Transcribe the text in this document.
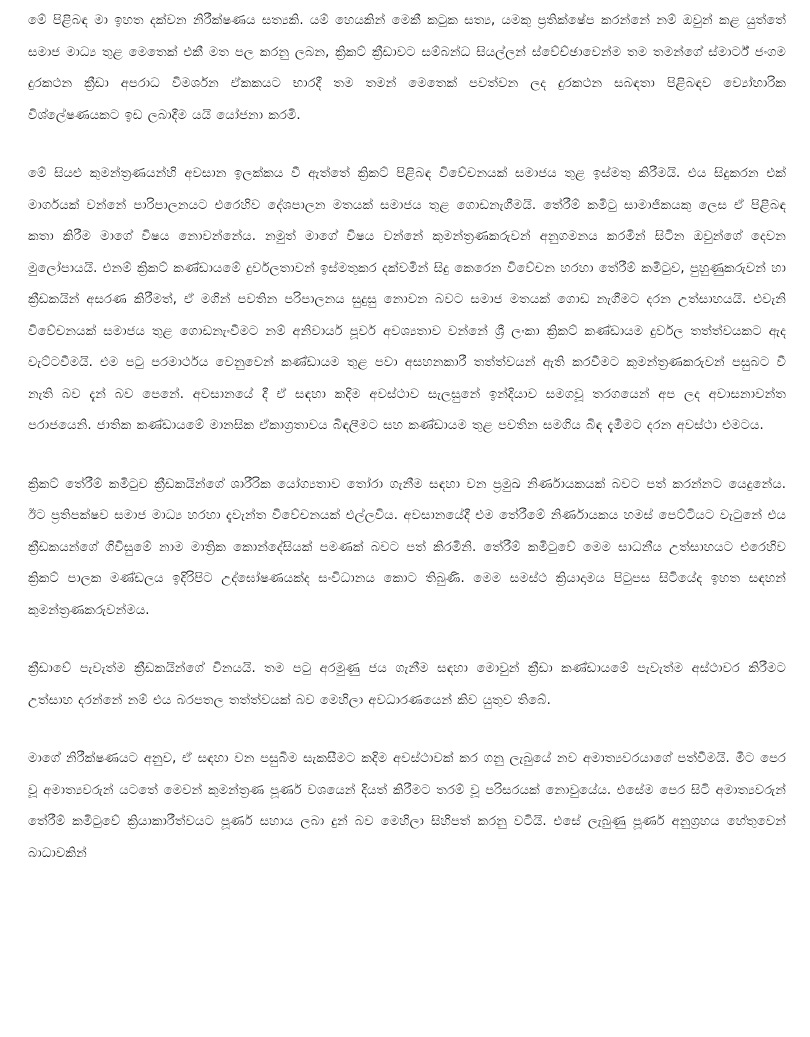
මේ පිළිබඳ මා ඉහත දක්වන නිරීක්ෂණය සත්‍යකි. යම් හෙයකින් මෙකී කටුක සත්‍ය, යමකු ප්‍රතික්ෂේප කරන්නේ නම් ඔවුන් කළ යුත්තේ සමාජ මාධ්‍ය තුළ මෙතෙක් එකී මත පල කරනු ලබන, ක්‍රිකට් ක්‍රීඩාවට සම්බන්ධ සියල්ලන් ස්වේච්ඡාවෙන්ම තම තමන්ගේ ස්මාර්ට් ජංගම දුරකථන ක්‍රීඩා අපරාධ විමර්ශන ඒකකයට භාරදී තම තමන් මෙතෙක් පවත්වන ලද දුරකථන සබඳතා පිළිබඳව ව්‍යෝහාරික විශ්ලේෂණයකට ඉඩ ලබාදීම යයි යෝජනා කරමි.

මේ සියළු කුමන්ත්‍රණයන්හි අවසාන ඉලක්කය වී ඇත්තේ ක්‍රිකට් පිළිබඳ විවේචනයක් සමාජය තුළ ඉස්මතු කිරීමයි. එය සිදුකරන එක් මාර්ගයක් වන්නේ පාරිපාලනයට එරෙහිව දේශපාලන මතයක් සමාජය තුළ ගොඩනැගීමයි. තේරීම් කමිටු සාමාජිකයකු ලෙස ඒ පිළිබඳ කතා කිරීම මාගේ විෂය නොවන්නේය. නමුත් මාගේ විෂය වන්නේ කුමන්ත්‍රණකරුවන් අනුගමනය කරමින් සිටින ඔවුන්ගේ දෙවන මුලෝපායයි. එනම් ක්‍රිකට් කණ්ඩායමේ දුර්වලතාවන් ඉස්මතුකර දක්වමින් සිදු කෙරෙන විවේචන හරහා තේරීම් කමිටුව, පුහුණුකරුවන් හා ක්‍රීඩකයින් අසරණ කිරීමත්, ඒ මගින් පවතින පරිපාලනය සුදුසු නොවන බවට සමාජ මතයක් ගොඩ නැගීමට දරන උත්සාහයයි. එවැනි විවේචනයක් සමාජය තුළ ගොඩනැංවීමට නම් අනිවාර්ය පූර්ව අවශ්‍යතාව වන්නේ ශ්‍රී ලංකා ක්‍රිකට් කණ්ඩායම දුර්වල තත්ත්වයකට ඇද වැට්ටවීමයි. එම පටු පරමාර්ථය වෙනුවෙන් කණ්ඩායම තුළ පවා අසහනකාරී තත්ත්වයන් ඇති කරවීමට කුමන්ත්‍රණකරුවන් පසුබට වී නැති බව දැන් බව පෙනේ. අවසානයේ දී ඒ සඳහා කදිම අවස්ථාව සැලසුනේ ඉන්දියාව සමගවූ තරගයෙන් අප ලද අවාසනාවන්ත පරාජයෙනි. ජාතික කණ්ඩායමේ මානසික ඒකාග්‍රතාවය බිඳලීමට සහ කණ්ඩායම තුළ පවතින සමගිය බිඳ දැමීමට දරන අවස්ථා එමටය.

ක්‍රිකට් තේරීම් කමිටුව ක්‍රීඩකයින්ගේ ශාරීරික යෝග්‍යතාව තෝරා ගැනීම සඳහා වන ප්‍රමුඛ නිර්ණායකයක් බවට පත් කරන්නට යෙදුනේය. ඊට ප්‍රතිපක්ෂව සමාජ මාධ්‍ය හරහා දැවැන්ත විවේචනයක් එල්ලවිය. අවසානයේදී එම තේරීමේ නිර්ණායකය හමස් පෙට්ටියට වැටුනේ එය ක්‍රීඩකයන්ගේ ගිවිසුමේ නාම මාත්‍රික කොන්දේසියක් පමණක් බවට පත් කිරමිනි. තේරීම් කමිටුවේ මෙම සාධනීය උත්සාහයට එරෙහිව ක්‍රිකට් පාලක මණ්ඩලය ඉදිරිපිට උද්ඝෝෂණයක්ද සංවිධානය කොට තිබුණි. මෙම සමස්ථ ක්‍රියාදාමය පිටුපස සිටියේද ඉහත සඳහන් කුමන්ත්‍රණකරුවන්මය.

ක්‍රීඩාවේ පැවැත්ම ක්‍රීඩකයින්ගේ විනයයි. තම පටු අරමුණු ජය ගැනීම සඳහා මොවුන් ක්‍රීඩා කණ්ඩායමේ පැවැත්ම අස්ථාවර කිරීමට උත්සාහ දරන්නේ නම් එය බරපතල තත්ත්වයක් බව මෙහිලා අවධාරණයෙන් කිව යුතුව තිබේ.

මාගේ නිරීක්ෂණයට අනුව, ඒ සඳහා වන පසුබිම සැකසීමට කදිම අවස්ථාවක් කර ගනු ලැබුයේ නව අමාත්‍යවරයාගේ පත්වීමයි. මීට පෙර වූ අමාත්‍යවරුන් යටතේ මෙවන් කුමන්ත්‍රණ පූර්ණ වශයෙන් දියත් කිරීමට තරම් වූ පරිසරයක් නොවුයේය. එසේම පෙර සිටි අමාත්‍යවරුන් තේරීම් කමිටුවේ ක්‍රියාකාරීත්වයට පූර්ණ සහාය ලබා දුන් බව මෙහිලා සිහිපත් කරනු වටියි. එසේ ලැබුණු පූර්ණ අනුග්‍රහය හේතුවෙන් බාධාවකින්
